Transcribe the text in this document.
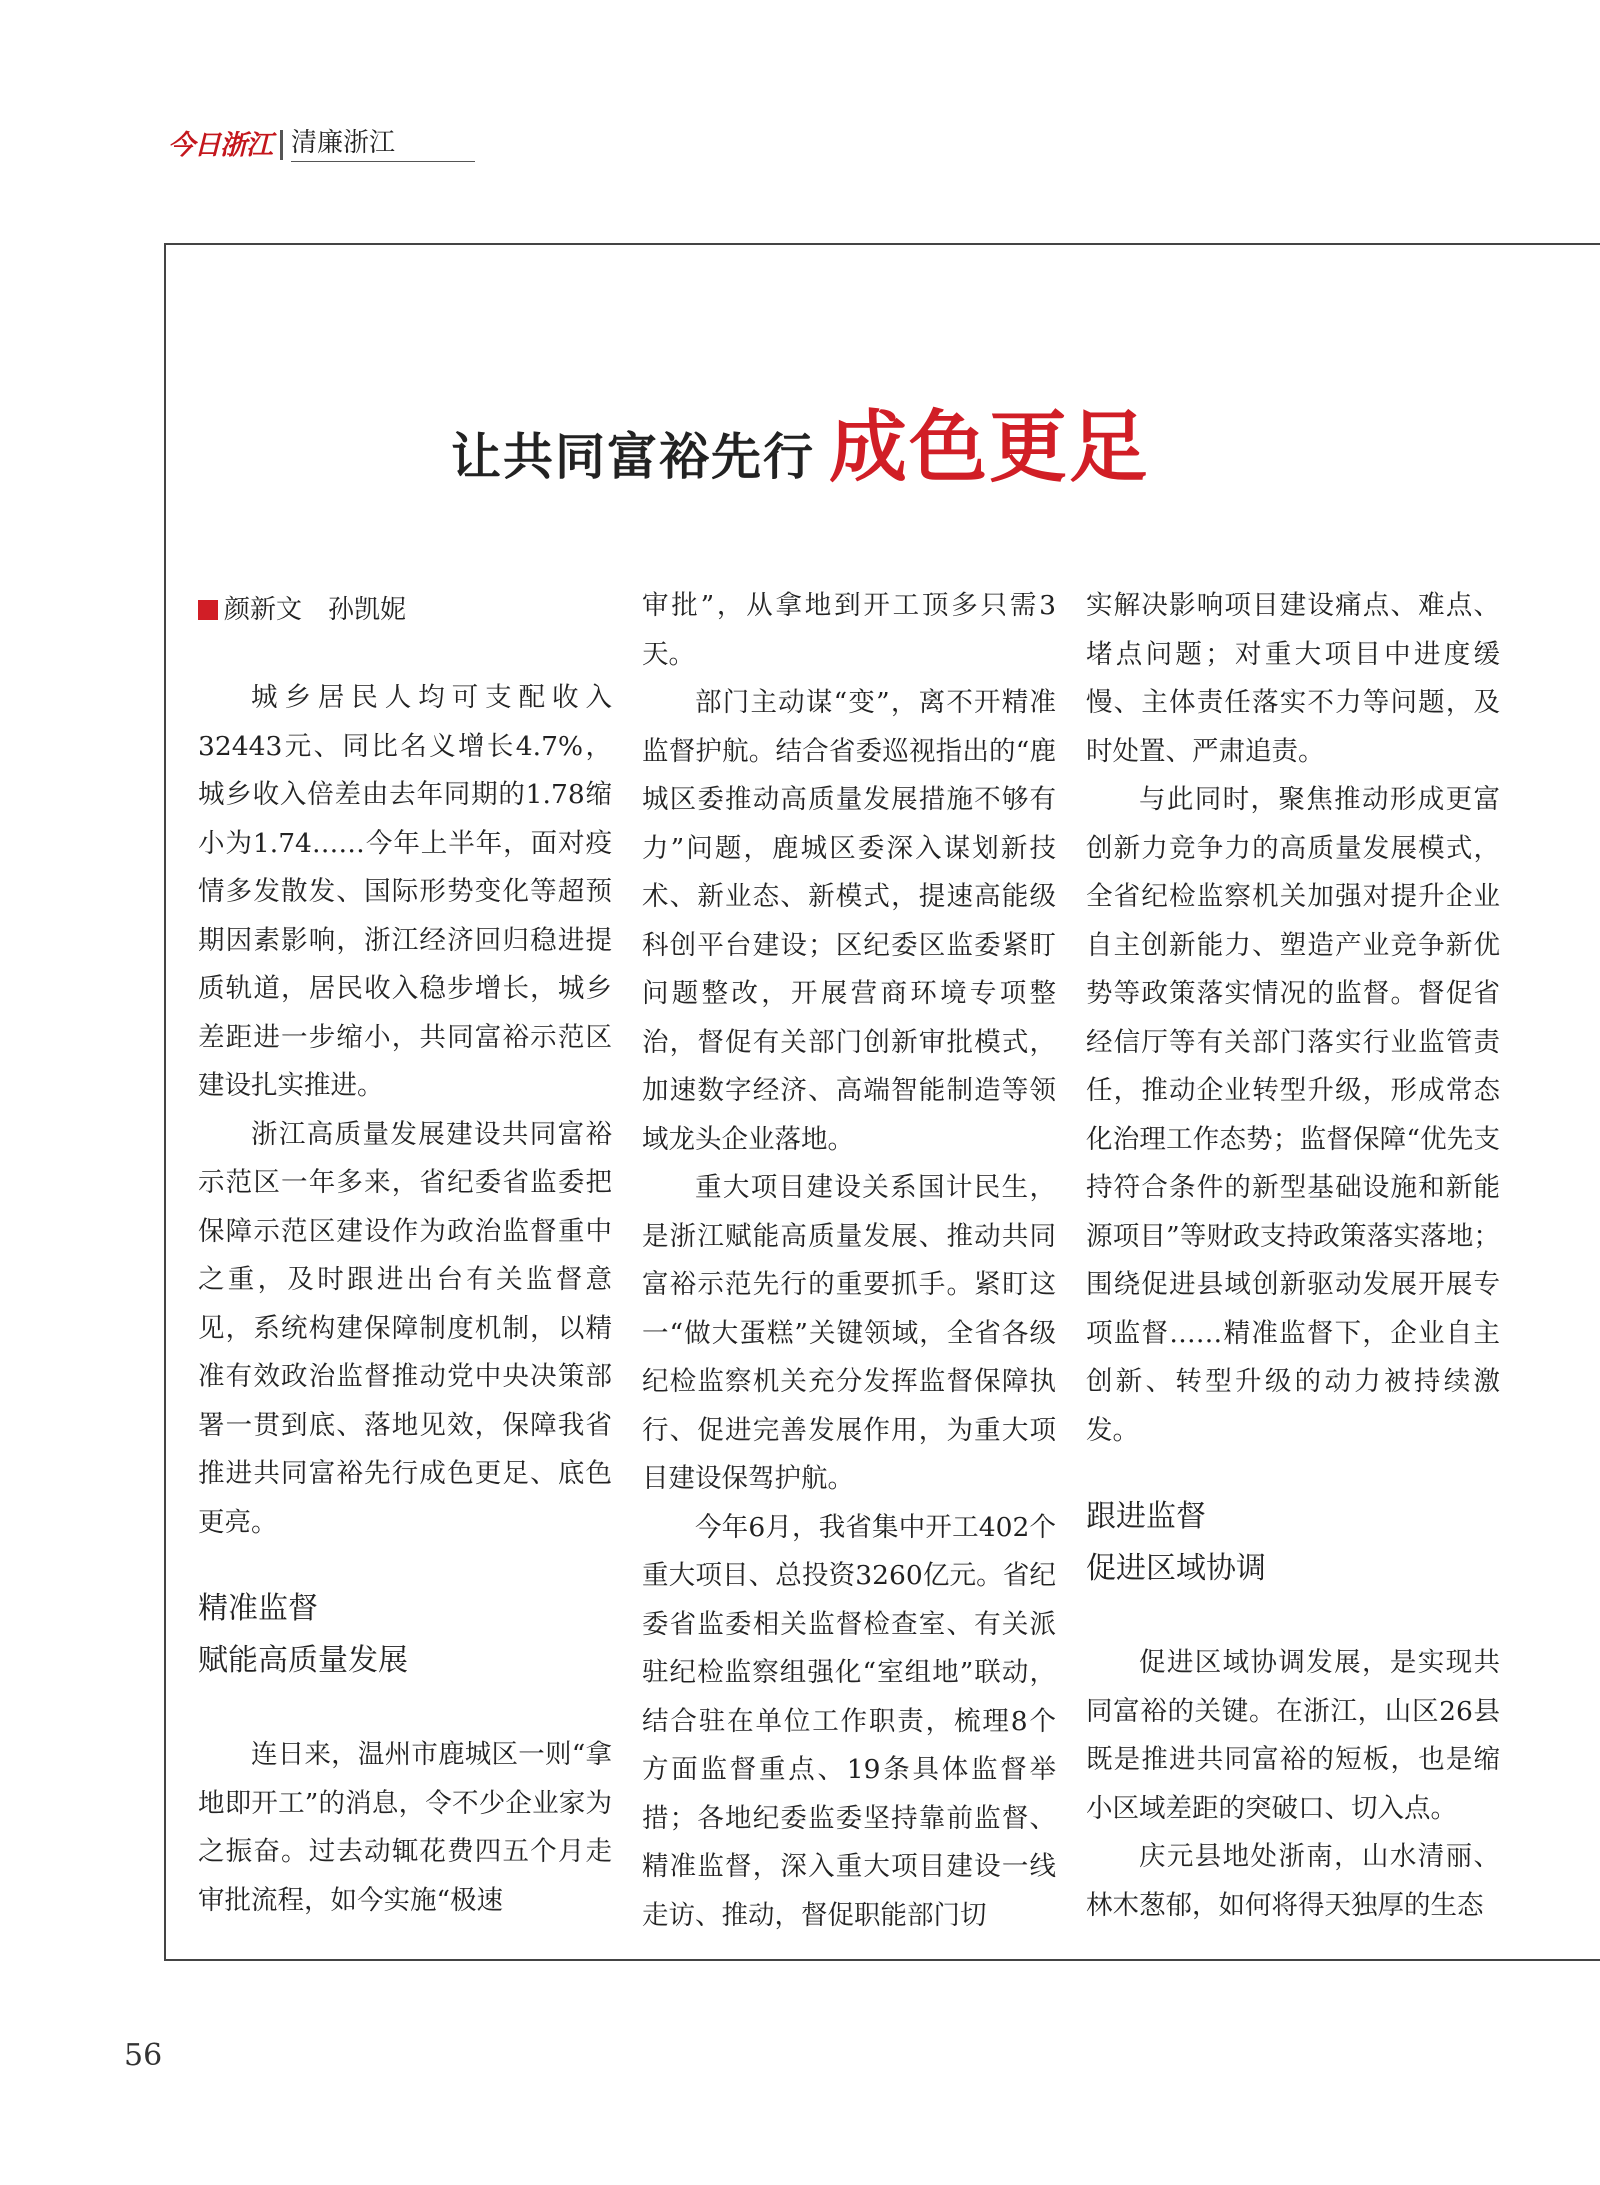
今日浙江 清廉浙江
让共同富裕先行 成色更足
颜新文　孙凯妮

城乡居民人均可支配收入32443元、同比名义增长4.7%，城乡收入倍差由去年同期的1.78缩小为1.74……今年上半年，面对疫情多发散发、国际形势变化等超预期因素影响，浙江经济回归稳进提质轨道，居民收入稳步增长，城乡差距进一步缩小，共同富裕示范区建设扎实推进。

浙江高质量发展建设共同富裕示范区一年多来，省纪委省监委把保障示范区建设作为政治监督重中之重，及时跟进出台有关监督意见，系统构建保障制度机制，以精准有效政治监督推动党中央决策部署一贯到底、落地见效，保障我省推进共同富裕先行成色更足、底色更亮。

精准监督

赋能高质量发展

连日来，温州市鹿城区一则“拿地即开工”的消息，令不少企业家为之振奋。过去动辄花费四五个月走审批流程，如今实施“极速

审批”，从拿地到开工顶多只需3天。

部门主动谋“变”，离不开精准监督护航。结合省委巡视指出的“鹿城区委推动高质量发展措施不够有力”问题，鹿城区委深入谋划新技术、新业态、新模式，提速高能级科创平台建设；区纪委区监委紧盯问题整改，开展营商环境专项整治，督促有关部门创新审批模式，加速数字经济、高端智能制造等领域龙头企业落地。

重大项目建设关系国计民生，是浙江赋能高质量发展、推动共同富裕示范先行的重要抓手。紧盯这一“做大蛋糕”关键领域，全省各级纪检监察机关充分发挥监督保障执行、促进完善发展作用，为重大项目建设保驾护航。

今年6月，我省集中开工402个重大项目、总投资3260亿元。省纪委省监委相关监督检查室、有关派驻纪检监察组强化“室组地”联动，结合驻在单位工作职责，梳理8个方面监督重点、19条具体监督举措；各地纪委监委坚持靠前监督、精准监督，深入重大项目建设一线走访、推动，督促职能部门切

实解决影响项目建设痛点、难点、堵点问题；对重大项目中进度缓慢、主体责任落实不力等问题，及时处置、严肃追责。

与此同时，聚焦推动形成更富创新力竞争力的高质量发展模式，全省纪检监察机关加强对提升企业自主创新能力、塑造产业竞争新优势等政策落实情况的监督。督促省经信厅等有关部门落实行业监管责任，推动企业转型升级，形成常态化治理工作态势；监督保障“优先支持符合条件的新型基础设施和新能源项目”等财政支持政策落实落地；围绕促进县域创新驱动发展开展专项监督……精准监督下，企业自主创新、转型升级的动力被持续激发。

跟进监督

促进区域协调

促进区域协调发展，是实现共同富裕的关键。在浙江，山区26县既是推进共同富裕的短板，也是缩小区域差距的突破口、切入点。

庆元县地处浙南，山水清丽、林木葱郁，如何将得天独厚的生态

56
